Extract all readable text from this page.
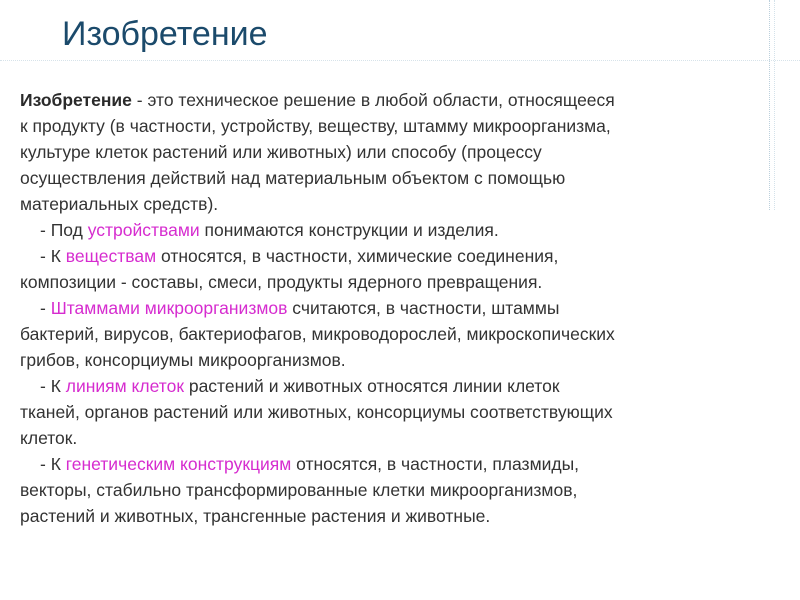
Изобретение

Изобретение - это техническое решение в любой области, относящееся
к продукту (в частности, устройству, веществу, штамму микроорганизма,
культуре клеток растений или животных) или способу (процессу
осуществления действий над материальным объектом с помощью
материальных средств).

- Под устройствами понимаются конструкции и изделия.

- К веществам относятся, в частности, химические соединения,
композиции - составы, смеси, продукты ядерного превращения.

- Штаммами микроорганизмов считаются, в частности, штаммы
бактерий, вирусов, бактериофагов, микроводорослей, микроскопических
грибов, консорциумы микроорганизмов.

- К линиям клеток растений и животных относятся линии клеток
тканей, органов растений или животных, консорциумы соответствующих
клеток.

- К генетическим конструкциям относятся, в частности, плазмиды,
векторы, стабильно трансформированные клетки микроорганизмов,
растений и животных, трансгенные растения и животные.
